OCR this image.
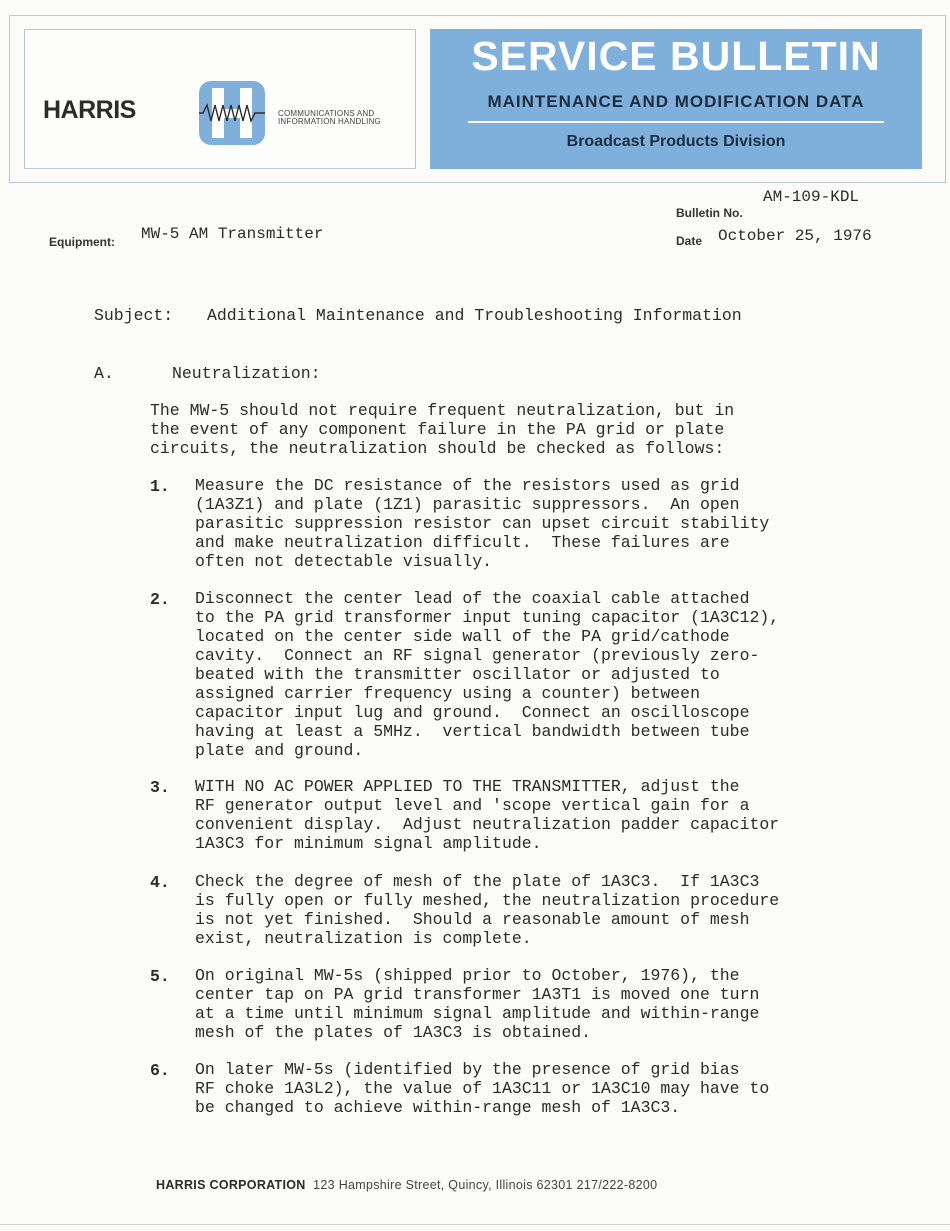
HARRIS	COMMUNICATIONS AND
INFORMATION HANDLING
SERVICE BULLETIN
MAINTENANCE AND MODIFICATION DATA
Broadcast Products Division
AM-109-KDL
Bulletin No.
Equipment: MW-5 AM Transmitter	Date October 25, 1976
Subject: Additional Maintenance and Troubleshooting Information
A.	Neutralization:
The MW-5 should not require frequent neutralization, but in
the event of any component failure in the PA grid or plate
circuits, the neutralization should be checked as follows:
1. Measure the DC resistance of the resistors used as grid
(1A3Z1) and plate (1Z1) parasitic suppressors.  An open
parasitic suppression resistor can upset circuit stability
and make neutralization difficult.  These failures are
often not detectable visually.
2. Disconnect the center lead of the coaxial cable attached
to the PA grid transformer input tuning capacitor (1A3C12),
located on the center side wall of the PA grid/cathode
cavity.  Connect an RF signal generator (previously zero-
beated with the transmitter oscillator or adjusted to
assigned carrier frequency using a counter) between
capacitor input lug and ground.  Connect an oscilloscope
having at least a 5MHz.  vertical bandwidth between tube
plate and ground.
3. WITH NO AC POWER APPLIED TO THE TRANSMITTER, adjust the
RF generator output level and 'scope vertical gain for a
convenient display.  Adjust neutralization padder capacitor
1A3C3 for minimum signal amplitude.
4. Check the degree of mesh of the plate of 1A3C3.  If 1A3C3
is fully open or fully meshed, the neutralization procedure
is not yet finished.  Should a reasonable amount of mesh
exist, neutralization is complete.
5. On original MW-5s (shipped prior to October, 1976), the
center tap on PA grid transformer 1A3T1 is moved one turn
at a time until minimum signal amplitude and within-range
mesh of the plates of 1A3C3 is obtained.
6. On later MW-5s (identified by the presence of grid bias
RF choke 1A3L2), the value of 1A3C11 or 1A3C10 may have to
be changed to achieve within-range mesh of 1A3C3.
HARRIS CORPORATION 123 Hampshire Street, Quincy, Illinois 62301 217/222-8200
